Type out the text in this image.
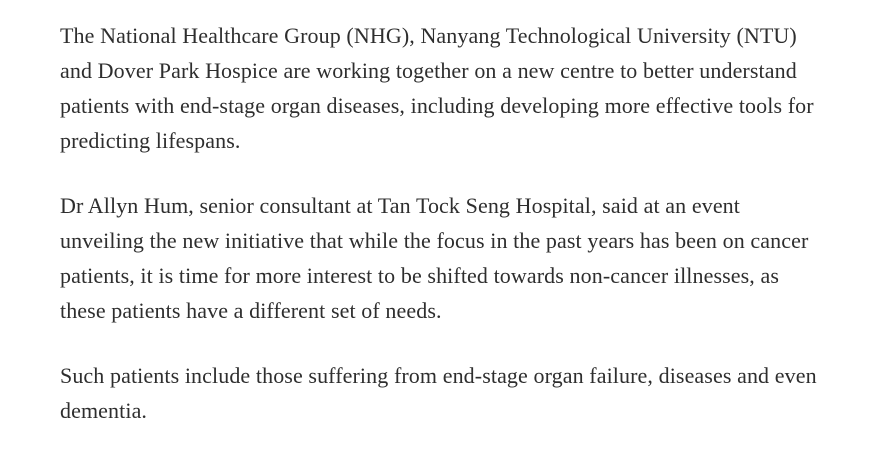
The National Healthcare Group (NHG), Nanyang Technological University (NTU) and Dover Park Hospice are working together on a new centre to better understand patients with end-stage organ diseases, including developing more effective tools for predicting lifespans.

Dr Allyn Hum, senior consultant at Tan Tock Seng Hospital, said at an event unveiling the new initiative that while the focus in the past years has been on cancer patients, it is time for more interest to be shifted towards non-cancer illnesses, as these patients have a different set of needs.

Such patients include those suffering from end-stage organ failure, diseases and even dementia.
